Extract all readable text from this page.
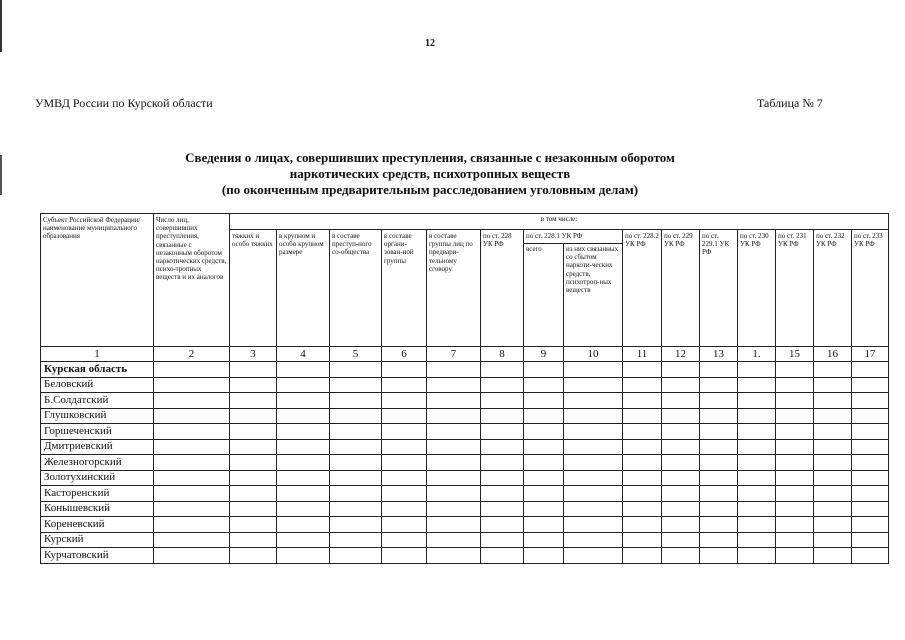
12
УМВД России по Курской области	Таблица № 7
Сведения о лицах, совершивших преступления, связанные с незаконным оборотом
наркотических средств, психотропных веществ
(по оконченным предварительным расследованием уголовным делам)
Субъект Российской Федерации/ наименование муниципального образования	Число лиц, совершивших преступления, связанные с незаконным оборотом наркотических средств, психо-тропных веществ и их аналогов	в том числе:														
		тяжких и особо тяжких	в крупном и особо крупном размере	в составе преступ-ного со-общества	в составе органи-зован-ной группы	в составе группы лиц по предвари-тельному сговору	по ст. 228 УК РФ	по ст. 228.1 УК РФ		по ст. 228.2 УК РФ	по ст. 229 УК РФ	по ст. 229.1 УК РФ	по ст. 230 УК РФ	по ст. 231 УК РФ	по ст. 232 УК РФ	по ст. 233 УК РФ
								всего	из них связанных со сбытом наркоти-ческих средств, психотроп-ных веществ							
1	2	3	4	5	6	7	8	9	10	11	12	13	1.	15	16	17
Курская область																
Беловский																
Б.Солдатский																
Глушковский																
Горшеченский																
Дмитриевский																
Железногорский																
Золотухинский																
Касторенский																
Конышевский																
Кореневский																
Курский																
Курчатовский																
